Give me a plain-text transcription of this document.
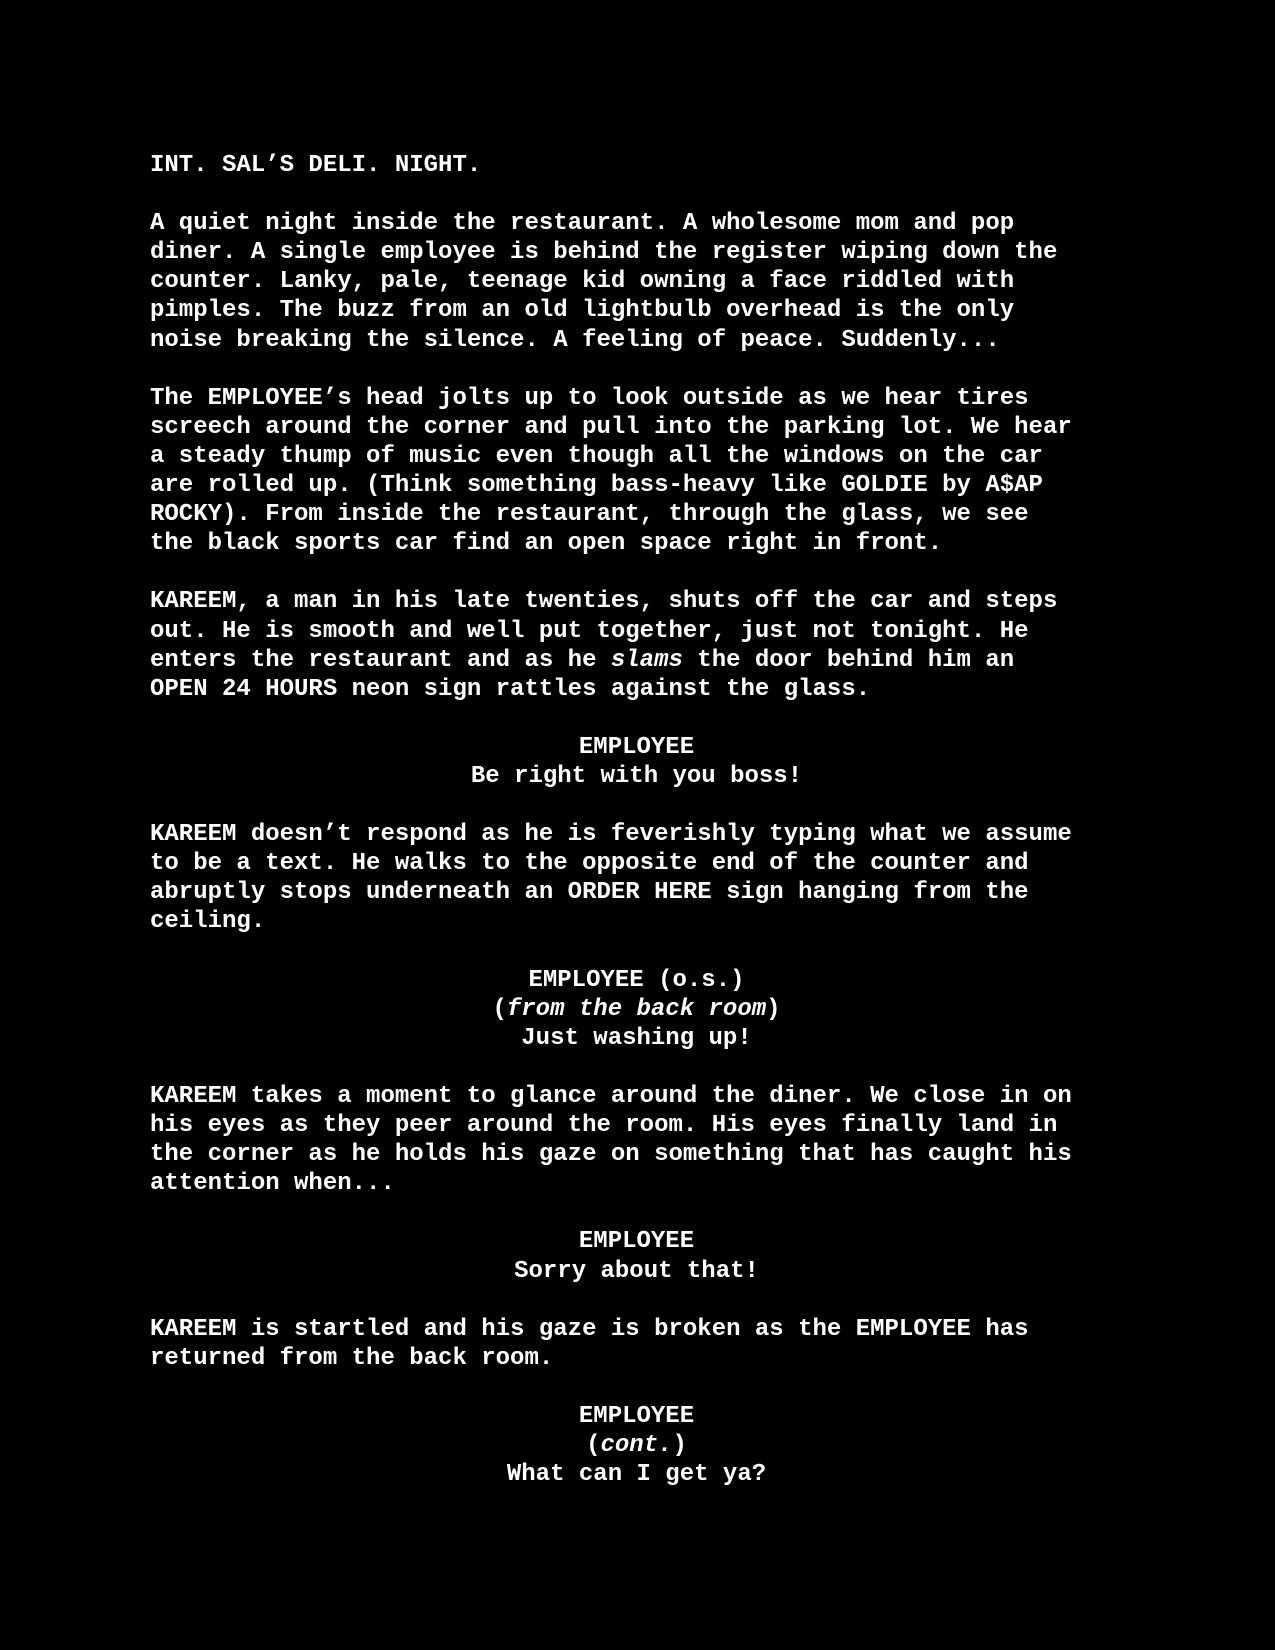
INT. SAL’S DELI. NIGHT.
A quiet night inside the restaurant. A wholesome mom and pop
diner. A single employee is behind the register wiping down the
counter. Lanky, pale, teenage kid owning a face riddled with
pimples. The buzz from an old lightbulb overhead is the only
noise breaking the silence. A feeling of peace. Suddenly...
The EMPLOYEE’s head jolts up to look outside as we hear tires
screech around the corner and pull into the parking lot. We hear
a steady thump of music even though all the windows on the car
are rolled up. (Think something bass-heavy like GOLDIE by A$AP
ROCKY). From inside the restaurant, through the glass, we see
the black sports car find an open space right in front.
KAREEM, a man in his late twenties, shuts off the car and steps
out. He is smooth and well put together, just not tonight. He
enters the restaurant and as he slams the door behind him an
OPEN 24 HOURS neon sign rattles against the glass.
EMPLOYEE
Be right with you boss!
KAREEM doesn’t respond as he is feverishly typing what we assume
to be a text. He walks to the opposite end of the counter and
abruptly stops underneath an ORDER HERE sign hanging from the
ceiling.
EMPLOYEE (o.s.)
(from the back room)
Just washing up!
KAREEM takes a moment to glance around the diner. We close in on
his eyes as they peer around the room. His eyes finally land in
the corner as he holds his gaze on something that has caught his
attention when...
EMPLOYEE
Sorry about that!
KAREEM is startled and his gaze is broken as the EMPLOYEE has
returned from the back room.
EMPLOYEE
(cont.)
What can I get ya?
